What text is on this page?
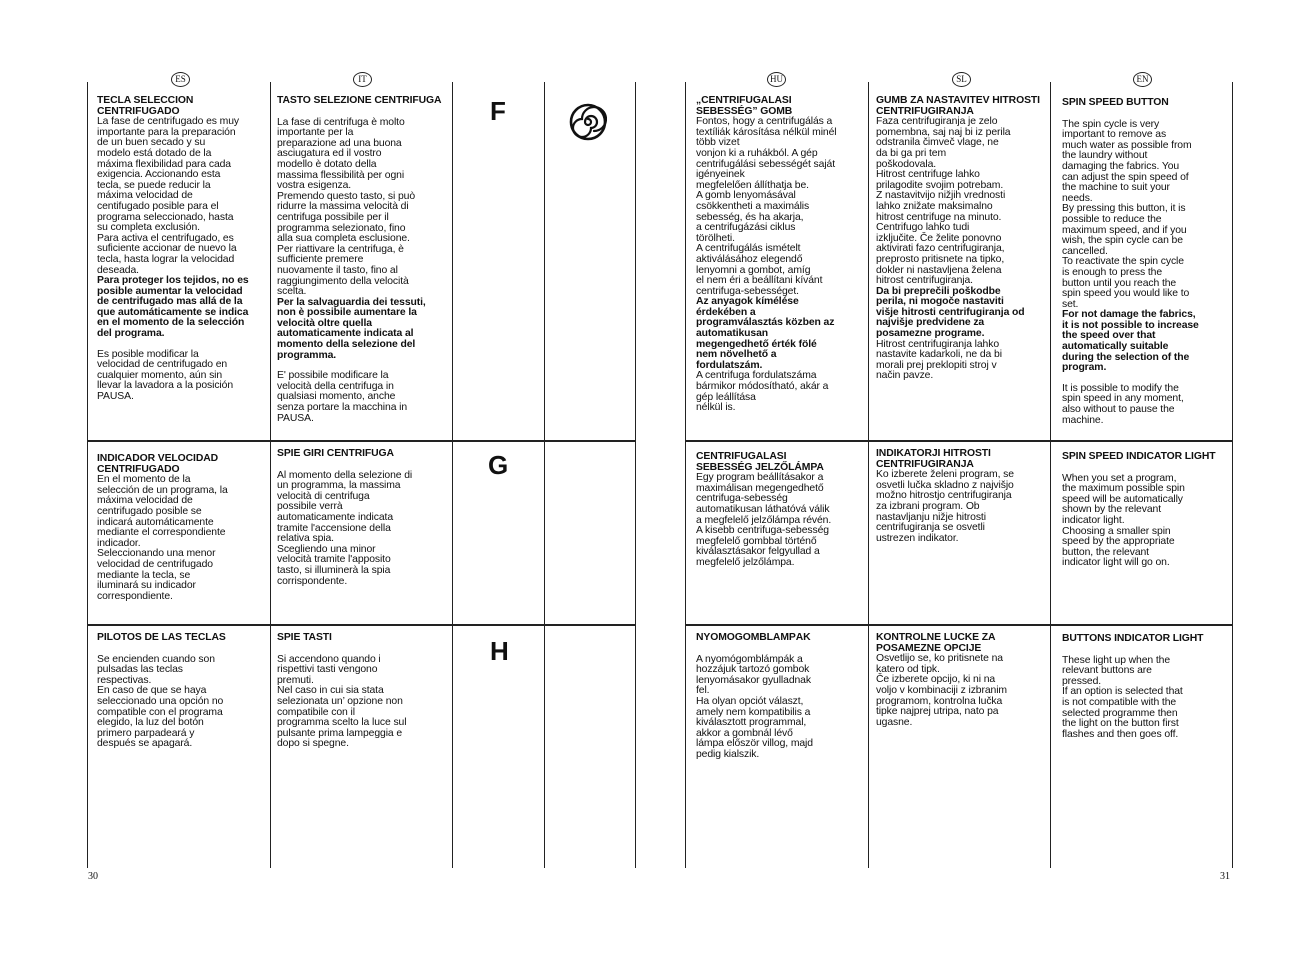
ES	IT	HU	SL	EN
F
G
H

TECLA SELECCIÓN
CENTRIFUGADO

La fase de centrifugado es muy
importante para la preparación
de un buen secado y su
modelo está dotado de la
máxima flexibilidad para cada
exigencia. Accionando esta
tecla, se puede reducir la
máxima velocidad de
centifugado posible para el
programa seleccionado, hasta
su completa exclusión.
Para activa el centrifugado, es
suficiente accionar de nuevo la
tecla, hasta lograr la velocidad
deseada.

Para proteger los tejidos, no es
posible aumentar la velocidad
de centrifugado mas allá de la
que automáticamente se indica
en el momento de la selección
del programa.

Es posible modificar la
velocidad de centrifugado en
cualquier momento, aún sin
llevar la lavadora a la posición
PAUSA.

INDICADOR VELOCIDAD
CENTRIFUGADO

En el momento de la
selección de un programa, la
máxima velocidad de
centrifugado posible se
indicará automáticamente
mediante el correspondiente
indicador.
Seleccionando una menor
velocidad de centrifugado
mediante la tecla, se
iluminará su indicador
correspondiente.

PILOTOS DE LAS TECLAS

Se encienden cuando son
pulsadas las teclas
respectivas.
En caso de que se haya
seleccionado una opción no
compatible con el programa
elegido, la luz del botón
primero parpadeará y
después se apagará.

TASTO SELEZIONE CENTRIFUGA

La fase di centrifuga è molto
importante per la
preparazione ad una buona
asciugatura ed il vostro
modello è dotato della
massima flessibilità per ogni
vostra esigenza.
Premendo questo tasto, si può
ridurre la massima velocità di
centrifuga possibile per il
programma selezionato, fino
alla sua completa esclusione.
Per riattivare la centrifuga, è
sufficiente premere
nuovamente il tasto, fino al
raggiungimento della velocità
scelta.

Per la salvaguardia dei tessuti,
non è possibile aumentare la
velocità oltre quella
automaticamente indicata al
momento della selezione del
programma.

E' possibile modificare la
velocità della centrifuga in
qualsiasi momento, anche
senza portare la macchina in
PAUSA.

SPIE GIRI CENTRIFUGA

Al momento della selezione di
un programma, la massima
velocità di centrifuga
possibile verrà
automaticamente indicata
tramite l'accensione della
relativa spia.
Scegliendo una minor
velocità tramite l'apposito
tasto, si illuminerà la spia
corrispondente.

SPIE TASTI

Si accendono quando i
rispettivi tasti vengono
premuti.
Nel caso in cui sia stata
selezionata un’ opzione non
compatibile con il
programma scelto la luce sul
pulsante prima lampeggia e
dopo si spegne.

„CENTRIFUGÁLÁSI
SEBESSÉG” GOMB

Fontos, hogy a centrifugálás a
textíliák károsítása nélkül minél
több vizet
vonjon ki a ruhákból. A gép
centrifugálási sebességét saját
igényeinek
megfelelően állíthatja be.
A gomb lenyomásával
csökkentheti a maximális
sebesség, és ha akarja,
a centrifugázási ciklus
törölheti.
A centrifugálás ismételt
aktiválásához elegendő
lenyomni a gombot, amíg
el nem éri a beállítani kívánt
centrifuga-sebességet.

Az anyagok kímélése
érdekében a
programválasztás közben az
automatikusan
megengedhető érték fölé
nem növelhető a
fordulatszám.

A centrifuga fordulatszáma
bármikor módosítható, akár a
gép leállítása
nélkül is.

CENTRIFUGÁLÁSI
SEBESSÉG JELZŐLÁMPA

Egy program beállításakor a
maximálisan megengedhető
centrifuga-sebesség
automatikusan láthatóvá válik
a megfelelő jelzőlámpa révén.
A kisebb centrifuga-sebesség
megfelelő gombbal történő
kiválasztásakor felgyullad a
megfelelő jelzőlámpa.

NYOMÓGOMBLÁMPÁK

A nyomógomblámpák a
hozzájuk tartozó gombok
lenyomásakor gyulladnak
fel.
Ha olyan opciót választ,
amely nem kompatibilis a
kiválasztott programmal,
akkor a gombnál lévő
lámpa először villog, majd
pedig kialszik.

GUMB ZA NASTAVITEV HITROSTI
CENTRIFUGIRANJA

Faza centrifugiranja je zelo
pomembna, saj naj bi iz perila
odstranila čimveč vlage, ne
da bi ga pri tem
poškodovala.
Hitrost centrifuge lahko
prilagodite svojim potrebam.
Z nastavitvijo nižjih vrednosti
lahko znižate maksimalno
hitrost centrifuge na minuto.
Centrifugo lahko tudi
izključite. Če želite ponovno
aktivirati fazo centrifugiranja,
preprosto pritisnete na tipko,
dokler ni nastavljena želena
hitrost centrifugiranja.

Da bi preprečili poškodbe
perila, ni mogoče nastaviti
višje hitrosti centrifugiranja od
najvišje predvidene za
posamezne programe.

Hitrost centrifugiranja lahko
nastavite kadarkoli, ne da bi
morali prej preklopiti stroj v
način pavze.

INDIKATORJI HITROSTI
CENTRIFUGIRANJA

Ko izberete želeni program, se
osvetli lučka skladno z najvišjo
možno hitrostjo centrifugiranja
za izbrani program. Ob
nastavljanju nižje hitrosti
centrifugiranja se osvetli
ustrezen indikator.

KONTROLNE LUČKE ZA
POSAMEZNE OPCIJE

Osvetlijo se, ko pritisnete na
katero od tipk.
Če izberete opcijo, ki ni na
voljo v kombinaciji z izbranim
programom, kontrolna lučka
tipke najprej utripa, nato pa
ugasne.

SPIN SPEED BUTTON

The spin cycle is very
important to remove as
much water as possible from
the laundry without
damaging the fabrics. You
can adjust the spin speed of
the machine to suit your
needs.
By pressing this button, it is
possible to reduce the
maximum speed, and if you
wish, the spin cycle can be
cancelled.
To reactivate the spin cycle
is enough to press the
button until you reach the
spin speed you would like to
set.

For not damage the fabrics,
it is not possible to increase
the speed over that
automatically suitable
during the selection of the
program.

It is possible to modify the
spin speed in any moment,
also without to pause the
machine.

SPIN SPEED INDICATOR LIGHT

When you set a program,
the maximum possible spin
speed will be automatically
shown by the relevant
indicator light.
Choosing a smaller spin
speed by the appropriate
button, the relevant
indicator light will go on.

BUTTONS INDICATOR LIGHT

These light up when the
relevant buttons are
pressed.
If an option is selected that
is not compatible with the
selected programme then
the light on the button first
flashes and then goes off.

30	31
